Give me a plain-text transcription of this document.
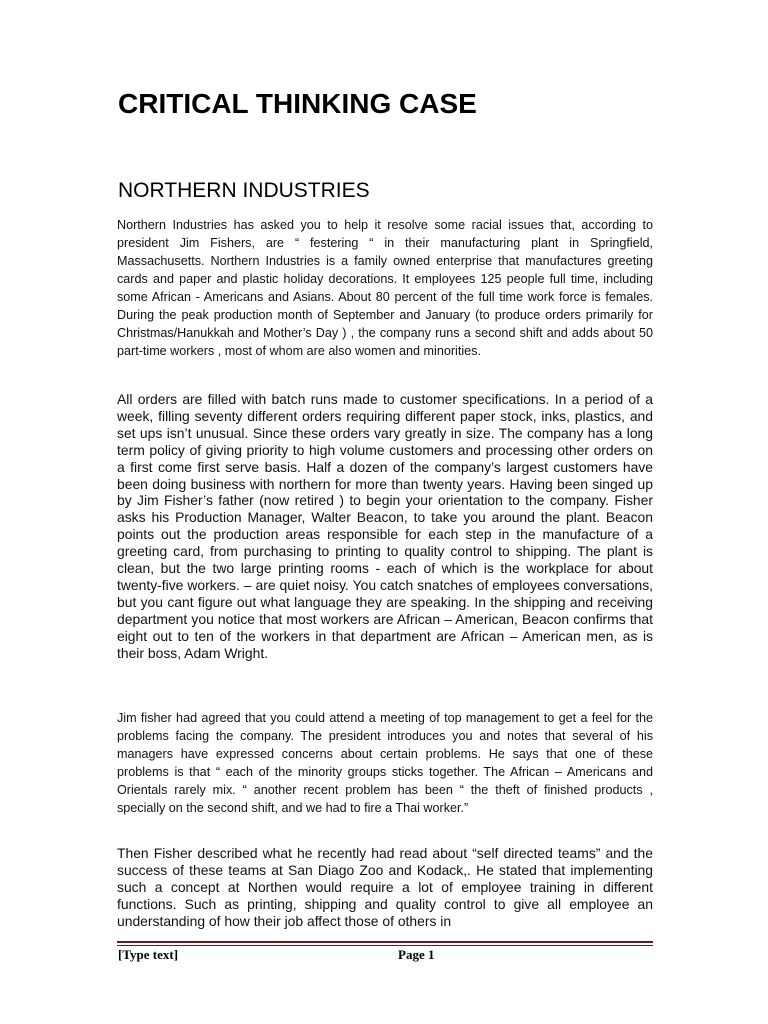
CRITICAL THINKING CASE
NORTHERN INDUSTRIES

Northern Industries has asked you to help it resolve some racial issues that, according to president Jim Fishers, are “ festering “ in their manufacturing plant in Springfield, Massachusetts. Northern Industries is a family owned enterprise that manufactures greeting cards and paper and plastic holiday decorations. It employees 125 people full time, including some African - Americans and Asians. About 80 percent of the full time work force is females. During the peak production month of September and January (to produce orders primarily for Christmas/Hanukkah and Mother’s Day ) , the company runs a second shift and adds about 50 part-time workers , most of whom are also women and minorities.

All orders are filled with batch runs made to customer specifications. In a period of a week, filling seventy different orders requiring different paper stock, inks, plastics, and set ups isn’t unusual. Since these orders vary greatly in size. The company has a long term policy of giving priority to high volume customers and processing other orders on a first come first serve basis. Half a dozen of the company’s largest customers have been doing business with northern for more than twenty years. Having been singed up by Jim Fisher’s father (now retired ) to begin your orientation to the company. Fisher asks his Production Manager, Walter Beacon, to take you around the plant. Beacon points out the production areas responsible for each step in the manufacture of a greeting card, from purchasing to printing to quality control to shipping. The plant is clean, but the two large printing rooms - each of which is the workplace for about twenty-five workers. – are quiet noisy. You catch snatches of employees conversations, but you cant figure out what language they are speaking. In the shipping and receiving department you notice that most workers are African – American, Beacon confirms that eight out to ten of the workers in that department are African – American men, as is their boss, Adam Wright.

Jim fisher had agreed that you could attend a meeting of top management to get a feel for the problems facing the company. The president introduces you and notes that several of his managers have expressed concerns about certain problems. He says that one of these problems is that “ each of the minority groups sticks together. The African – Americans and Orientals rarely mix. “ another recent problem has been “ the theft of finished products , specially on the second shift, and we had to fire a Thai worker.”

Then Fisher described what he recently had read about “self directed teams” and the success of these teams at San Diago Zoo and Kodack,. He stated that implementing such a concept at Northen would require a lot of employee training in different functions. Such as printing, shipping and quality control to give all employee an understanding of how their job affect those of others in

[Type text]	Page 1
